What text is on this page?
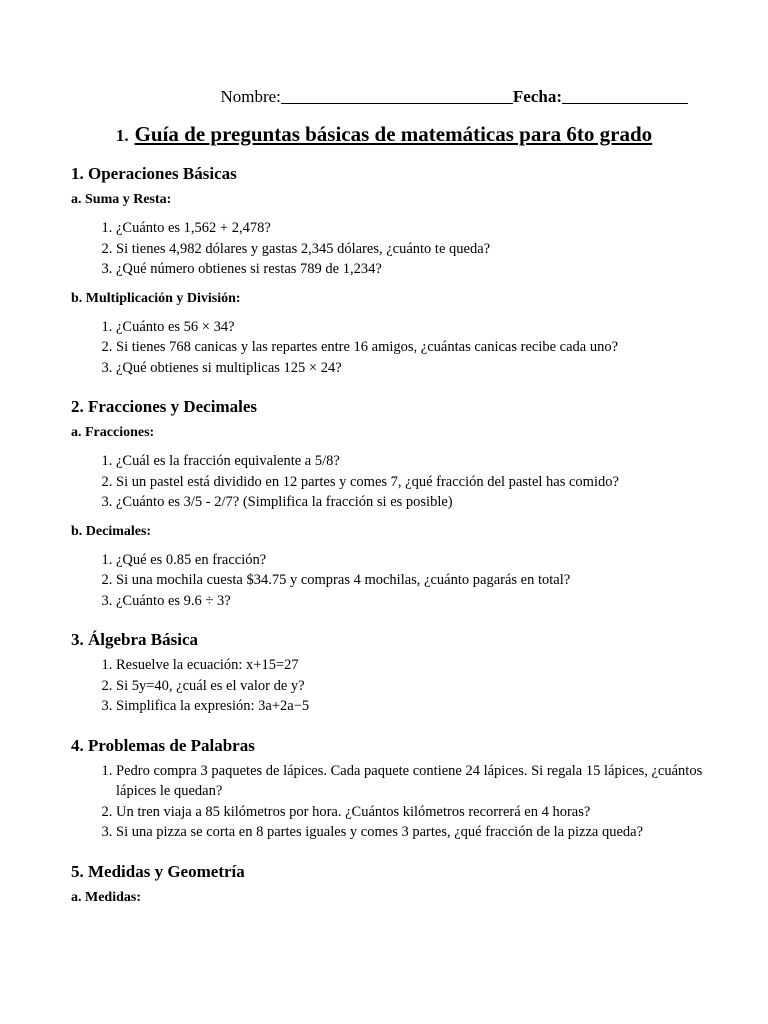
Nombre:	Fecha:
1. Guía de preguntas básicas de matemáticas para 6to grado
1. Operaciones Básicas
a. Suma y Resta:
1. ¿Cuánto es 1,562 + 2,478?
2. Si tienes 4,982 dólares y gastas 2,345 dólares, ¿cuánto te queda?
3. ¿Qué número obtienes si restas 789 de 1,234?
b. Multiplicación y División:
1. ¿Cuánto es 56 × 34?
2. Si tienes 768 canicas y las repartes entre 16 amigos, ¿cuántas canicas recibe cada uno?
3. ¿Qué obtienes si multiplicas 125 × 24?
2. Fracciones y Decimales
a. Fracciones:
1. ¿Cuál es la fracción equivalente a 5/8?
2. Si un pastel está dividido en 12 partes y comes 7, ¿qué fracción del pastel has comido?
3. ¿Cuánto es 3/5 - 2/7? (Simplifica la fracción si es posible)
b. Decimales:
1. ¿Qué es 0.85 en fracción?
2. Si una mochila cuesta $34.75 y compras 4 mochilas, ¿cuánto pagarás en total?
3. ¿Cuánto es 9.6 ÷ 3?
3. Álgebra Básica
1. Resuelve la ecuación: x+15=27
2. Si 5y=40, ¿cuál es el valor de y?
3. Simplifica la expresión: 3a+2a−5
4. Problemas de Palabras
1. Pedro compra 3 paquetes de lápices. Cada paquete contiene 24 lápices. Si regala 15 lápices, ¿cuántos lápices le quedan?
2. Un tren viaja a 85 kilómetros por hora. ¿Cuántos kilómetros recorrerá en 4 horas?
3. Si una pizza se corta en 8 partes iguales y comes 3 partes, ¿qué fracción de la pizza queda?
5. Medidas y Geometría
a. Medidas:
